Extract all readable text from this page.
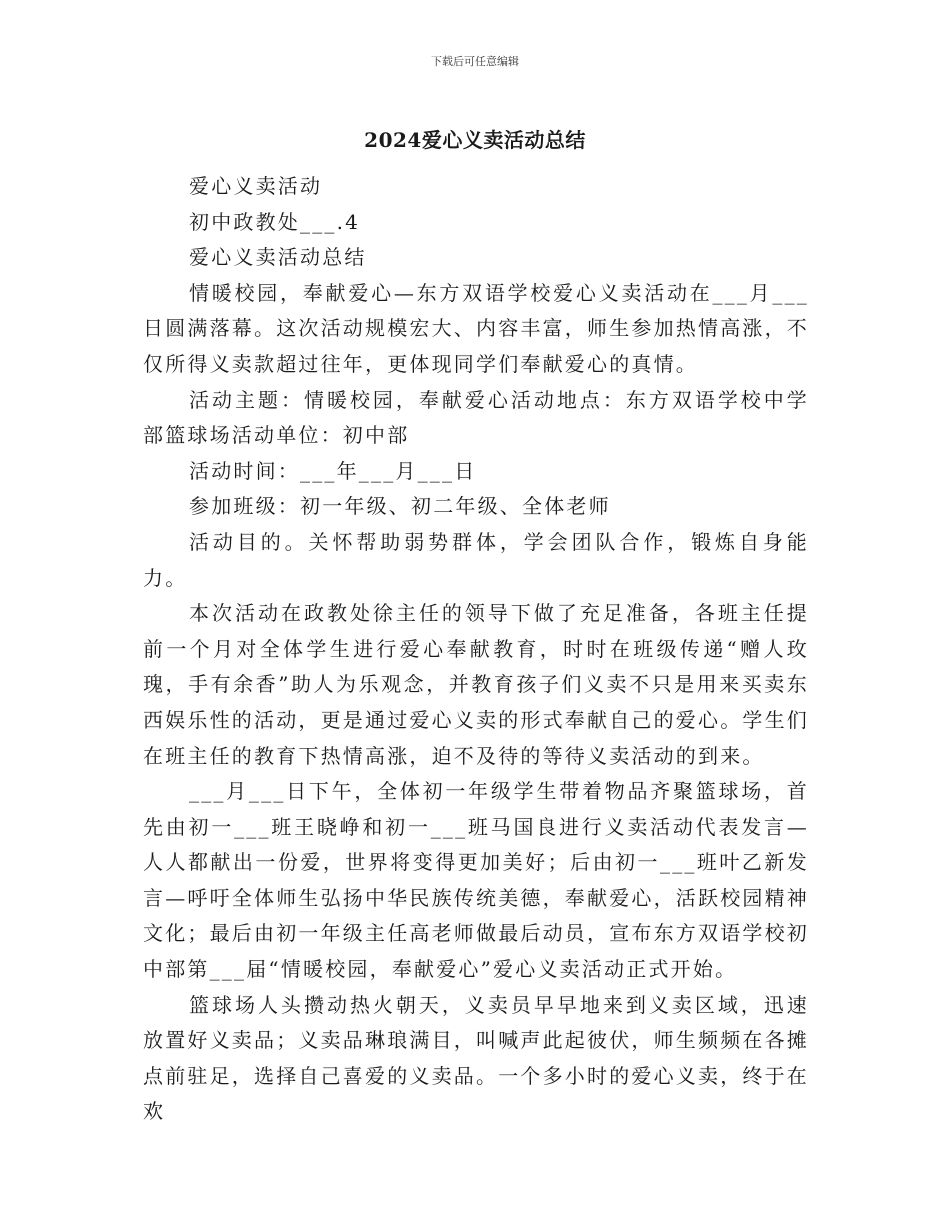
下载后可任意编辑
2024爱心义卖活动总结

爱心义卖活动

初中政教处___.4

爱心义卖活动总结

情暖校园，奉献爱心—东方双语学校爱心义卖活动在___月___日圆满落幕。这次活动规模宏大、内容丰富，师生参加热情高涨，不仅所得义卖款超过往年，更体现同学们奉献爱心的真情。

活动主题：情暖校园，奉献爱心活动地点：东方双语学校中学部篮球场活动单位：初中部

活动时间：___年___月___日

参加班级：初一年级、初二年级、全体老师

活动目的。关怀帮助弱势群体，学会团队合作，锻炼自身能力。

本次活动在政教处徐主任的领导下做了充足准备，各班主任提前一个月对全体学生进行爱心奉献教育，时时在班级传递“赠人玫瑰，手有余香”助人为乐观念，并教育孩子们义卖不只是用来买卖东西娱乐性的活动，更是通过爱心义卖的形式奉献自己的爱心。学生们在班主任的教育下热情高涨，迫不及待的等待义卖活动的到来。

___月___日下午，全体初一年级学生带着物品齐聚篮球场，首先由初一___班王晓峥和初一___班马国良进行义卖活动代表发言—人人都献出一份爱，世界将变得更加美好；后由初一___班叶乙新发言—呼吁全体师生弘扬中华民族传统美德，奉献爱心，活跃校园精神文化；最后由初一年级主任高老师做最后动员，宣布东方双语学校初中部第___届“情暖校园，奉献爱心”爱心义卖活动正式开始。

篮球场人头攒动热火朝天，义卖员早早地来到义卖区域，迅速放置好义卖品；义卖品琳琅满目，叫喊声此起彼伏，师生频频在各摊点前驻足，选择自己喜爱的义卖品。一个多小时的爱心义卖，终于在欢
